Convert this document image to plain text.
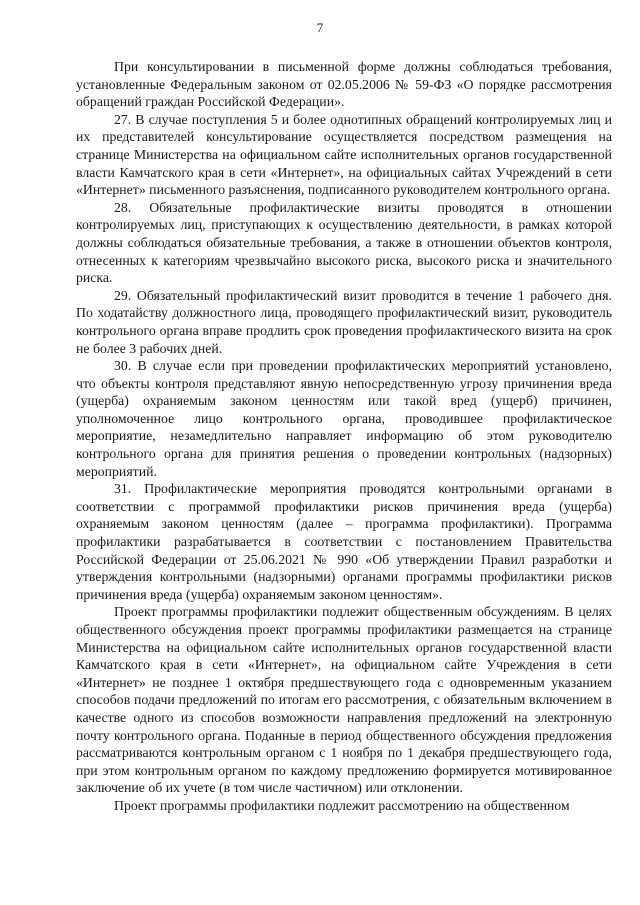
7

При консультировании в письменной форме должны соблюдаться требования, установленные Федеральным законом от 02.05.2006 № 59-ФЗ «О порядке рассмотрения обращений граждан Российской Федерации».

27. В случае поступления 5 и более однотипных обращений контролируемых лиц и их представителей консультирование осуществляется посредством размещения на странице Министерства на официальном сайте исполнительных органов государственной власти Камчатского края в сети «Интернет», на официальных сайтах Учреждений в сети «Интернет» письменного разъяснения, подписанного руководителем контрольного органа.

28. Обязательные профилактические визиты проводятся в отношении контролируемых лиц, приступающих к осуществлению деятельности, в рамках которой должны соблюдаться обязательные требования, а также в отношении объектов контроля, отнесенных к категориям чрезвычайно высокого риска, высокого риска и значительного риска.

29. Обязательный профилактический визит проводится в течение 1 рабочего дня. По ходатайству должностного лица, проводящего профилактический визит, руководитель контрольного органа вправе продлить срок проведения профилактического визита на срок не более 3 рабочих дней.

30. В случае если при проведении профилактических мероприятий установлено, что объекты контроля представляют явную непосредственную угрозу причинения вреда (ущерба) охраняемым законом ценностям или такой вред (ущерб) причинен, уполномоченное лицо контрольного органа, проводившее профилактическое мероприятие, незамедлительно направляет информацию об этом руководителю контрольного органа для принятия решения о проведении контрольных (надзорных) мероприятий.

31. Профилактические мероприятия проводятся контрольными органами в соответствии с программой профилактики рисков причинения вреда (ущерба) охраняемым законом ценностям (далее – программа профилактики). Программа профилактики разрабатывается в соответствии с постановлением Правительства Российской Федерации от 25.06.2021 № 990 «Об утверждении Правил разработки и утверждения контрольными (надзорными) органами программы профилактики рисков причинения вреда (ущерба) охраняемым законом ценностям».

Проект программы профилактики подлежит общественным обсуждениям. В целях общественного обсуждения проект программы профилактики размещается на странице Министерства на официальном сайте исполнительных органов государственной власти Камчатского края в сети «Интернет», на официальном сайте Учреждения в сети «Интернет» не позднее 1 октября предшествующего года с одновременным указанием способов подачи предложений по итогам его рассмотрения, с обязательным включением в качестве одного из способов возможности направления предложений на электронную почту контрольного органа. Поданные в период общественного обсуждения предложения рассматриваются контрольным органом с 1 ноября по 1 декабря предшествующего года, при этом контрольным органом по каждому предложению формируется мотивированное заключение об их учете (в том числе частичном) или отклонении.

Проект программы профилактики подлежит рассмотрению на общественном
